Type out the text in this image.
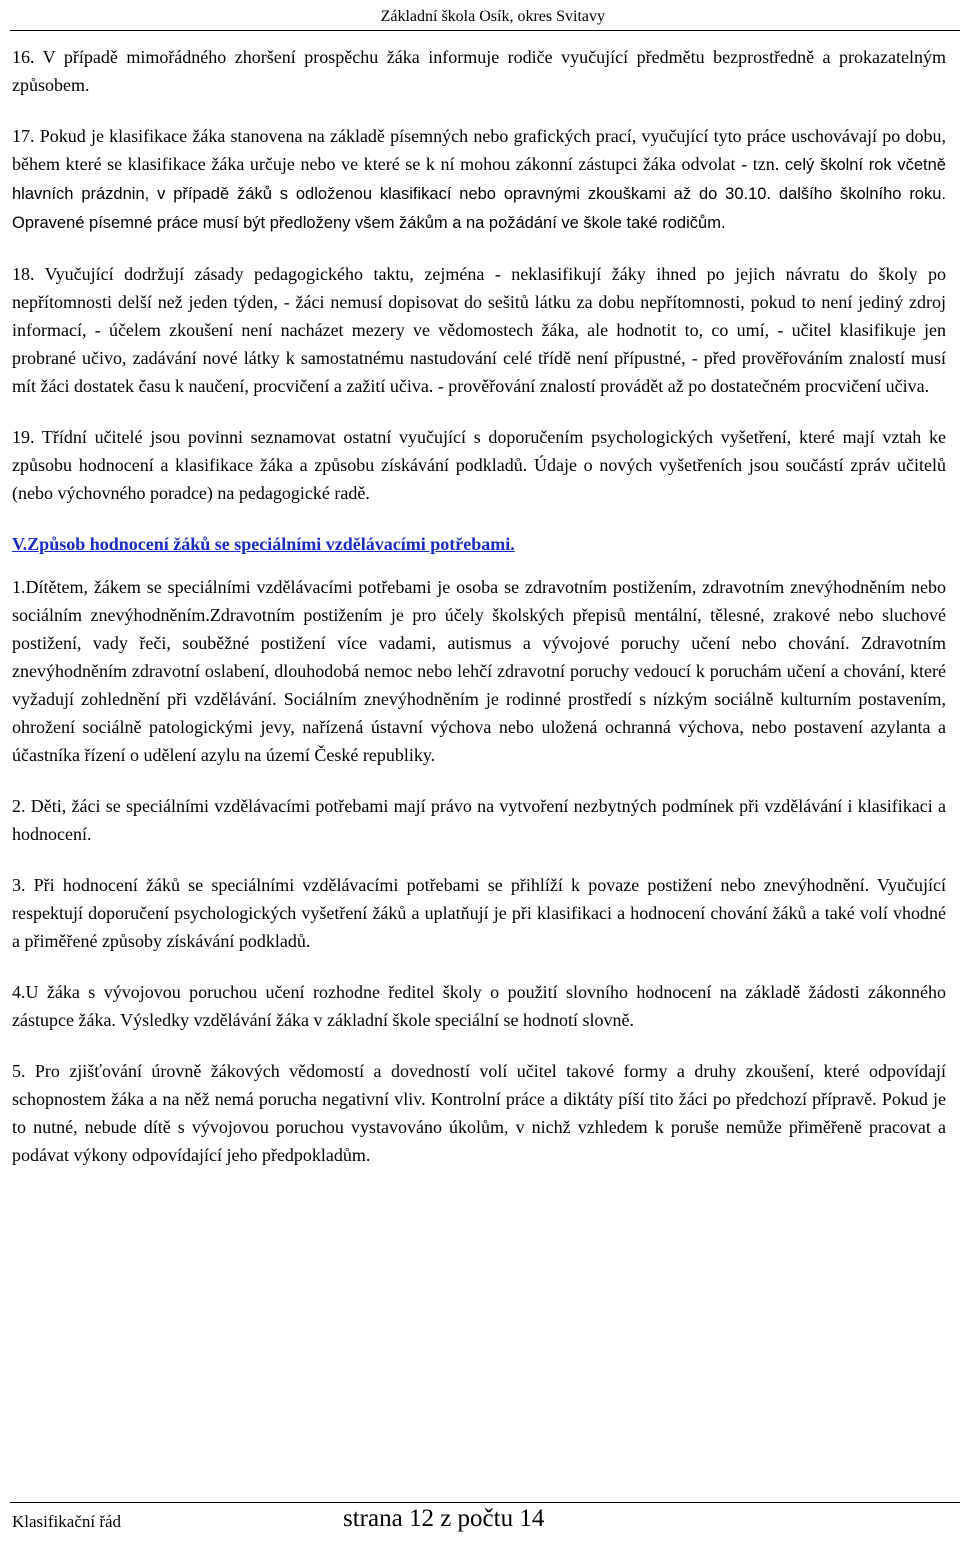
Základní škola Osík, okres Svitavy

16. V případě mimořádného zhoršení prospěchu žáka informuje rodiče vyučující předmětu bezprostředně a prokazatelným způsobem.

17. Pokud je klasifikace žáka stanovena na základě písemných nebo grafických prací, vyučující tyto práce uschovávají po dobu, během které se klasifikace žáka určuje nebo ve které se k ní mohou zákonní zástupci žáka odvolat - tzn. celý školní rok včetně hlavních prázdnin, v případě žáků s odloženou klasifikací nebo opravnými zkouškami až do 30.10. dalšího školního roku. Opravené písemné práce musí být předloženy všem žákům a na požádání ve škole také rodičům.

18. Vyučující dodržují zásady pedagogického taktu, zejména - neklasifikují žáky ihned po jejich návratu do školy po nepřítomnosti delší než jeden týden, - žáci nemusí dopisovat do sešitů látku za dobu nepřítomnosti, pokud to není jediný zdroj informací, - účelem zkoušení není nacházet mezery ve vědomostech žáka, ale hodnotit to, co umí, - učitel klasifikuje jen probrané učivo, zadávání nové látky k samostatnému nastudování celé třídě není přípustné, - před prověřováním znalostí musí mít žáci dostatek času k naučení, procvičení a zažití učiva. - prověřování znalostí provádět až po dostatečném procvičení učiva.

19. Třídní učitelé jsou povinni seznamovat ostatní vyučující s doporučením psychologických vyšetření, které mají vztah ke způsobu hodnocení a klasifikace žáka a způsobu získávání podkladů. Údaje o nových vyšetřeních jsou součástí zpráv učitelů (nebo výchovného poradce) na pedagogické radě.

V.Způsob hodnocení žáků se speciálními vzdělávacími potřebami.

1.Dítětem, žákem se speciálními vzdělávacími potřebami je osoba se zdravotním postižením, zdravotním znevýhodněním nebo sociálním znevýhodněním.Zdravotním postižením je pro účely školských přepisů mentální, tělesné, zrakové nebo sluchové postižení, vady řeči, souběžné postižení více vadami, autismus a vývojové poruchy učení nebo chování. Zdravotním znevýhodněním zdravotní oslabení, dlouhodobá nemoc nebo lehčí zdravotní poruchy vedoucí k poruchám učení a chování, které vyžadují zohlednění při vzdělávání. Sociálním znevýhodněním je rodinné prostředí s nízkým sociálně kulturním postavením, ohrožení sociálně patologickými jevy, nařízená ústavní výchova nebo uložená ochranná výchova, nebo postavení azylanta a účastníka řízení o udělení azylu na území České republiky.

2. Děti, žáci se speciálními vzdělávacími potřebami mají právo na vytvoření nezbytných podmínek při vzdělávání i klasifikaci a hodnocení.

3. Při hodnocení žáků se speciálními vzdělávacími potřebami se přihlíží k povaze postižení nebo znevýhodnění. Vyučující respektují doporučení psychologických vyšetření žáků a uplatňují je při klasifikaci a hodnocení chování žáků a také volí vhodné a přiměřené způsoby získávání podkladů.

4.U žáka s vývojovou poruchou učení rozhodne ředitel školy o použití slovního hodnocení na základě žádosti zákonného zástupce žáka. Výsledky vzdělávání žáka v základní škole speciální se hodnotí slovně.

5. Pro zjišťování úrovně žákových vědomostí a dovedností volí učitel takové formy a druhy zkoušení, které odpovídají schopnostem žáka a na něž nemá porucha negativní vliv. Kontrolní práce a diktáty píší tito žáci po předchozí přípravě. Pokud je to nutné, nebude dítě s vývojovou poruchou vystavováno úkolům, v nichž vzhledem k poruše nemůže přiměřeně pracovat a podávat výkony odpovídající jeho předpokladům.

Klasifikační řád	strana 12 z počtu 14
